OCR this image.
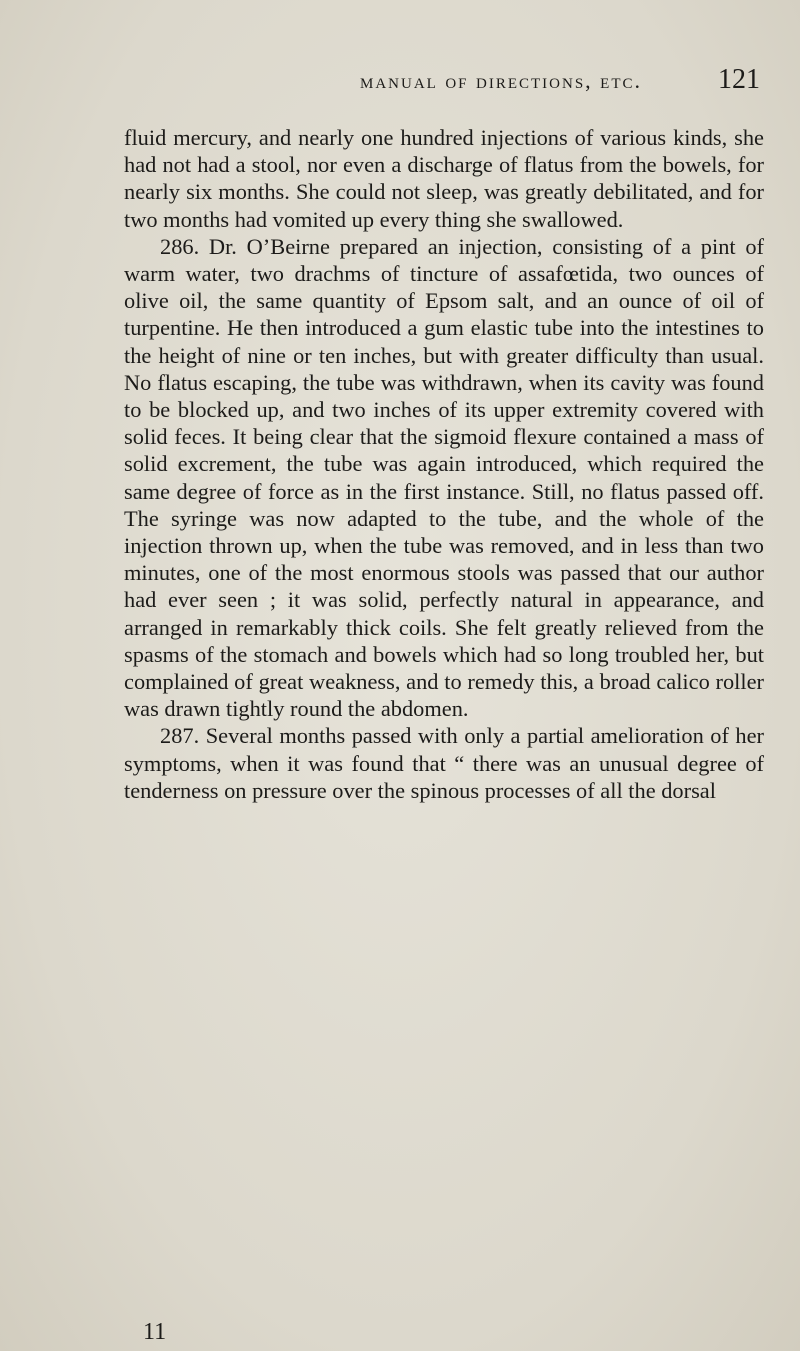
manual of directions, etc.	121

fluid mercury, and nearly one hundred injections of various kinds, she had not had a stool, nor even a discharge of flatus from the bowels, for nearly six months. She could not sleep, was greatly debilitated, and for two months had vomited up every thing she swallowed.

286. Dr. O’Beirne prepared an injection, consisting of a pint of warm water, two drachms of tincture of assafœtida, two ounces of olive oil, the same quantity of Epsom salt, and an ounce of oil of turpentine. He then introduced a gum elastic tube into the intestines to the height of nine or ten inches, but with greater difficulty than usual. No flatus escaping, the tube was withdrawn, when its cavity was found to be blocked up, and two inches of its upper extremity covered with solid feces. It being clear that the sigmoid flexure contained a mass of solid excrement, the tube was again introduced, which required the same degree of force as in the first instance. Still, no flatus passed off. The syringe was now adapted to the tube, and the whole of the injection thrown up, when the tube was removed, and in less than two minutes, one of the most enormous stools was passed that our author had ever seen ; it was solid, perfectly natural in appearance, and arranged in remarkably thick coils. She felt greatly relieved from the spasms of the stomach and bowels which had so long troubled her, but complained of great weakness, and to remedy this, a broad calico roller was drawn tightly round the abdomen.

287. Several months passed with only a partial amelioration of her symptoms, when it was found that “ there was an unusual degree of tenderness on pressure over the spinous processes of all the dorsal

11
